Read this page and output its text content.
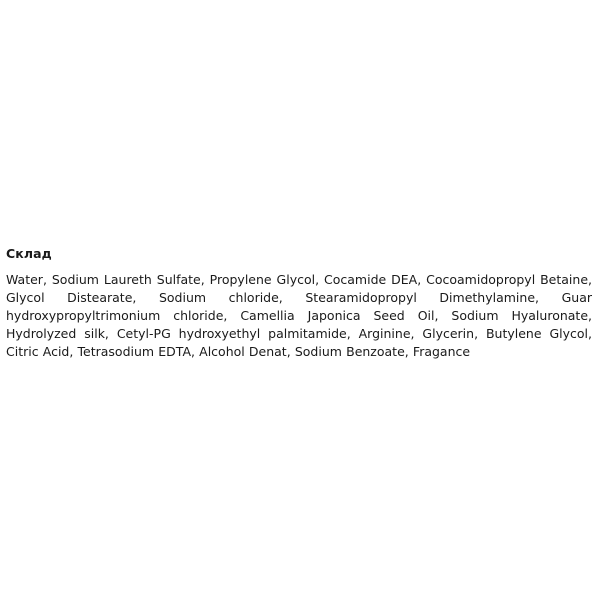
Склад

Water, Sodium Laureth Sulfate, Propylene Glycol, Cocamide DEA, Cocoamidopropyl Betaine, Glycol Distearate, Sodium chloride, Stearamidopropyl Dimethylamine, Guar hydroxypropyltrimonium chloride, Camellia Japonica Seed Oil, Sodium Hyaluronate, Hydrolyzed silk, Cetyl-PG hydroxyethyl palmitamide, Arginine, Glycerin, Butylene Glycol, Citric Acid, Tetrasodium EDTA, Alcohol Denat, Sodium Benzoate, Fragance
